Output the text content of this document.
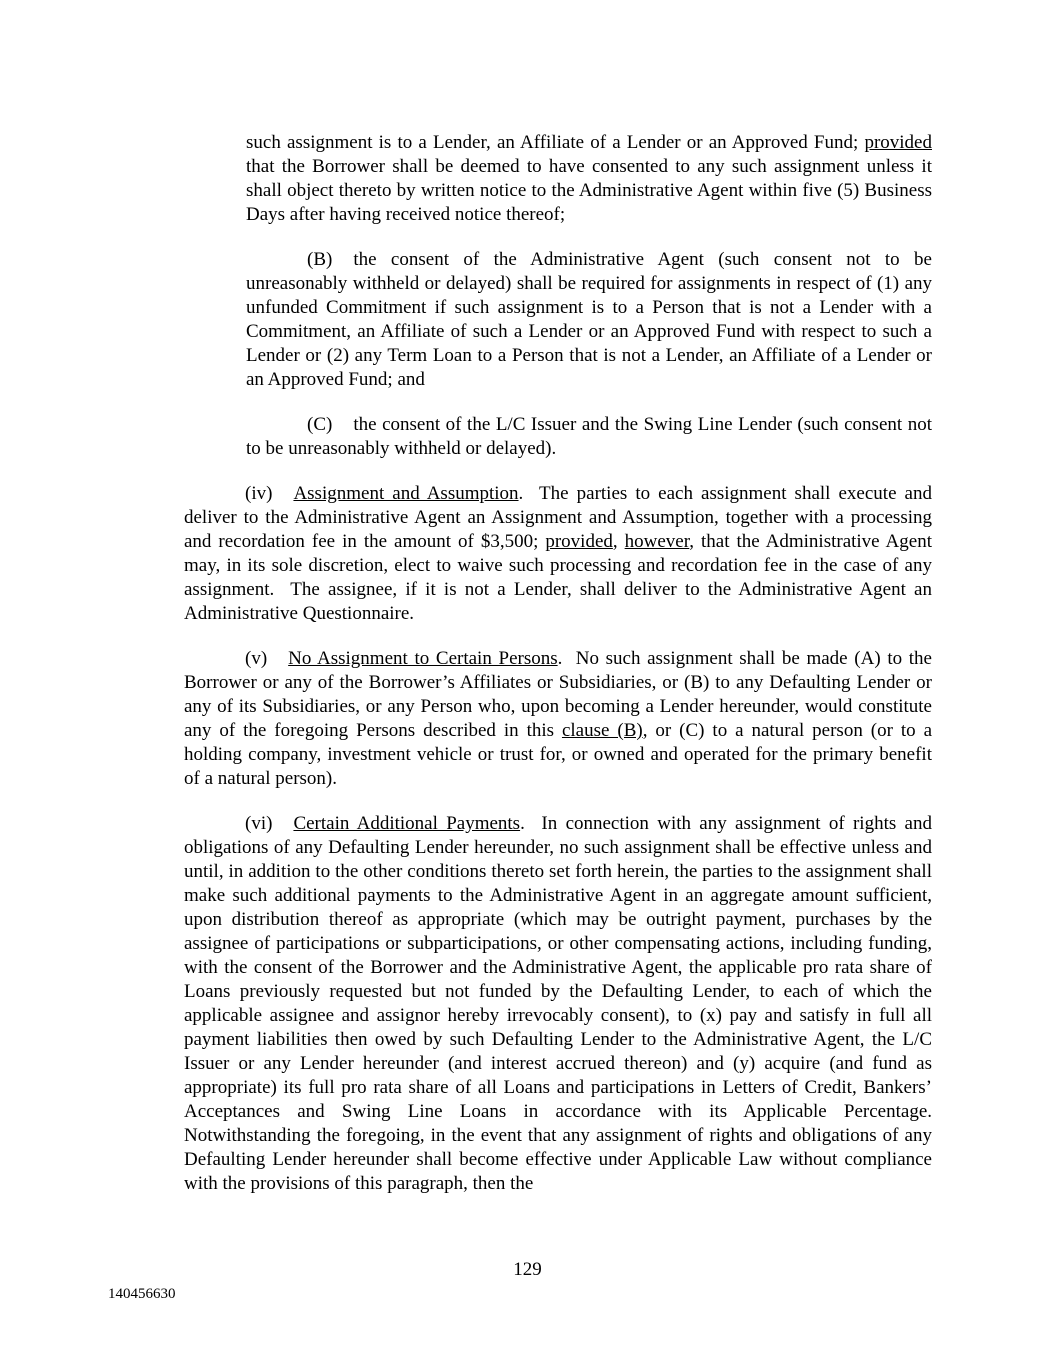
such assignment is to a Lender, an Affiliate of a Lender or an Approved Fund; provided that the Borrower shall be deemed to have consented to any such assignment unless it shall object thereto by written notice to the Administrative Agent within five (5) Business Days after having received notice thereof;

(B) the consent of the Administrative Agent (such consent not to be unreasonably withheld or delayed) shall be required for assignments in respect of (1) any unfunded Commitment if such assignment is to a Person that is not a Lender with a Commitment, an Affiliate of such a Lender or an Approved Fund with respect to such a Lender or (2) any Term Loan to a Person that is not a Lender, an Affiliate of a Lender or an Approved Fund; and

(C) the consent of the L/C Issuer and the Swing Line Lender (such consent not to be unreasonably withheld or delayed).

(iv) Assignment and Assumption.  The parties to each assignment shall execute and deliver to the Administrative Agent an Assignment and Assumption, together with a processing and recordation fee in the amount of $3,500; provided, however, that the Administrative Agent may, in its sole discretion, elect to waive such processing and recordation fee in the case of any assignment.  The assignee, if it is not a Lender, shall deliver to the Administrative Agent an Administrative Questionnaire.

(v) No Assignment to Certain Persons.  No such assignment shall be made (A) to the Borrower or any of the Borrower’s Affiliates or Subsidiaries, or (B) to any Defaulting Lender or any of its Subsidiaries, or any Person who, upon becoming a Lender hereunder, would constitute any of the foregoing Persons described in this clause (B), or (C) to a natural person (or to a holding company, investment vehicle or trust for, or owned and operated for the primary benefit of a natural person).

(vi) Certain Additional Payments.  In connection with any assignment of rights and obligations of any Defaulting Lender hereunder, no such assignment shall be effective unless and until, in addition to the other conditions thereto set forth herein, the parties to the assignment shall make such additional payments to the Administrative Agent in an aggregate amount sufficient, upon distribution thereof as appropriate (which may be outright payment, purchases by the assignee of participations or subparticipations, or other compensating actions, including funding, with the consent of the Borrower and the Administrative Agent, the applicable pro rata share of Loans previously requested but not funded by the Defaulting Lender, to each of which the applicable assignee and assignor hereby irrevocably consent), to (x) pay and satisfy in full all payment liabilities then owed by such Defaulting Lender to the Administrative Agent, the L/C Issuer or any Lender hereunder (and interest accrued thereon) and (y) acquire (and fund as appropriate) its full pro rata share of all Loans and participations in Letters of Credit, Bankers’ Acceptances and Swing Line Loans in accordance with its Applicable Percentage.  Notwithstanding the foregoing, in the event that any assignment of rights and obligations of any Defaulting Lender hereunder shall become effective under Applicable Law without compliance with the provisions of this paragraph, then the

129
140456630
